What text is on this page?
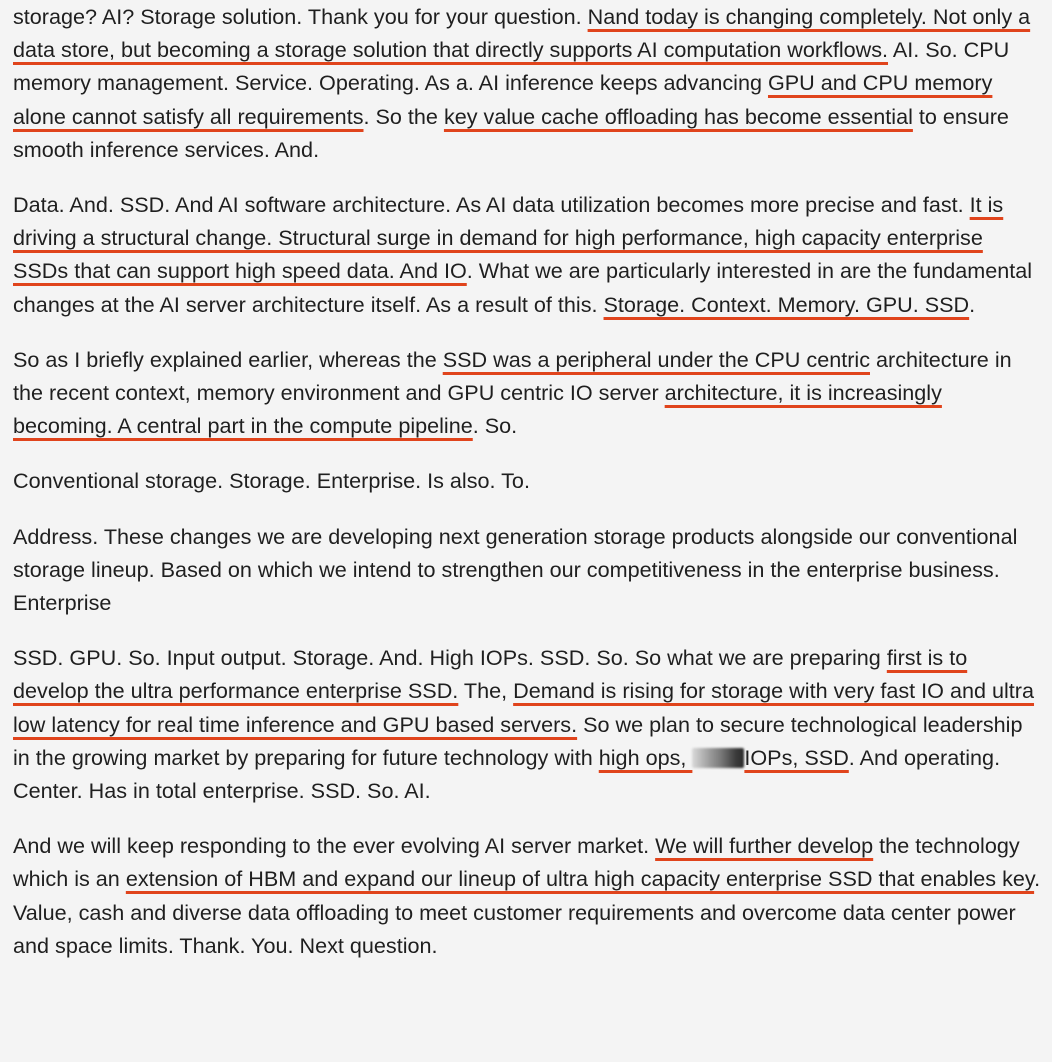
storage? AI? Storage solution. Thank you for your question. Nand today is changing completely. Not only a data store, but becoming a storage solution that directly supports AI computation workflows. AI. So. CPU memory management. Service. Operating. As a. AI inference keeps advancing GPU and CPU memory alone cannot satisfy all requirements. So the key value cache offloading has become essential to ensure smooth inference services. And.

Data. And. SSD. And AI software architecture. As AI data utilization becomes more precise and fast. It is driving a structural change. Structural surge in demand for high performance, high capacity enterprise SSDs that can support high speed data. And IO. What we are particularly interested in are the fundamental changes at the AI server architecture itself. As a result of this. Storage. Context. Memory. GPU. SSD.

So as I briefly explained earlier, whereas the SSD was a peripheral under the CPU centric architecture in the recent context, memory environment and GPU centric IO server architecture, it is increasingly becoming. A central part in the compute pipeline. So.

Conventional storage. Storage. Enterprise. Is also. To.

Address. These changes we are developing next generation storage products alongside our conventional storage lineup. Based on which we intend to strengthen our competitiveness in the enterprise business. Enterprise

SSD. GPU. So. Input output. Storage. And. High IOPs. SSD. So. So what we are preparing first is to develop the ultra performance enterprise SSD. The, Demand is rising for storage with very fast IO and ultra low latency for real time inference and GPU based servers. So we plan to secure technological leadership in the growing market by preparing for future technology with high ops, IOPs, SSD. And operating. Center. Has in total enterprise. SSD. So. AI.

And we will keep responding to the ever evolving AI server market. We will further develop the technology which is an extension of HBM and expand our lineup of ultra high capacity enterprise SSD that enables key. Value, cash and diverse data offloading to meet customer requirements and overcome data center power and space limits. Thank. You. Next question.
